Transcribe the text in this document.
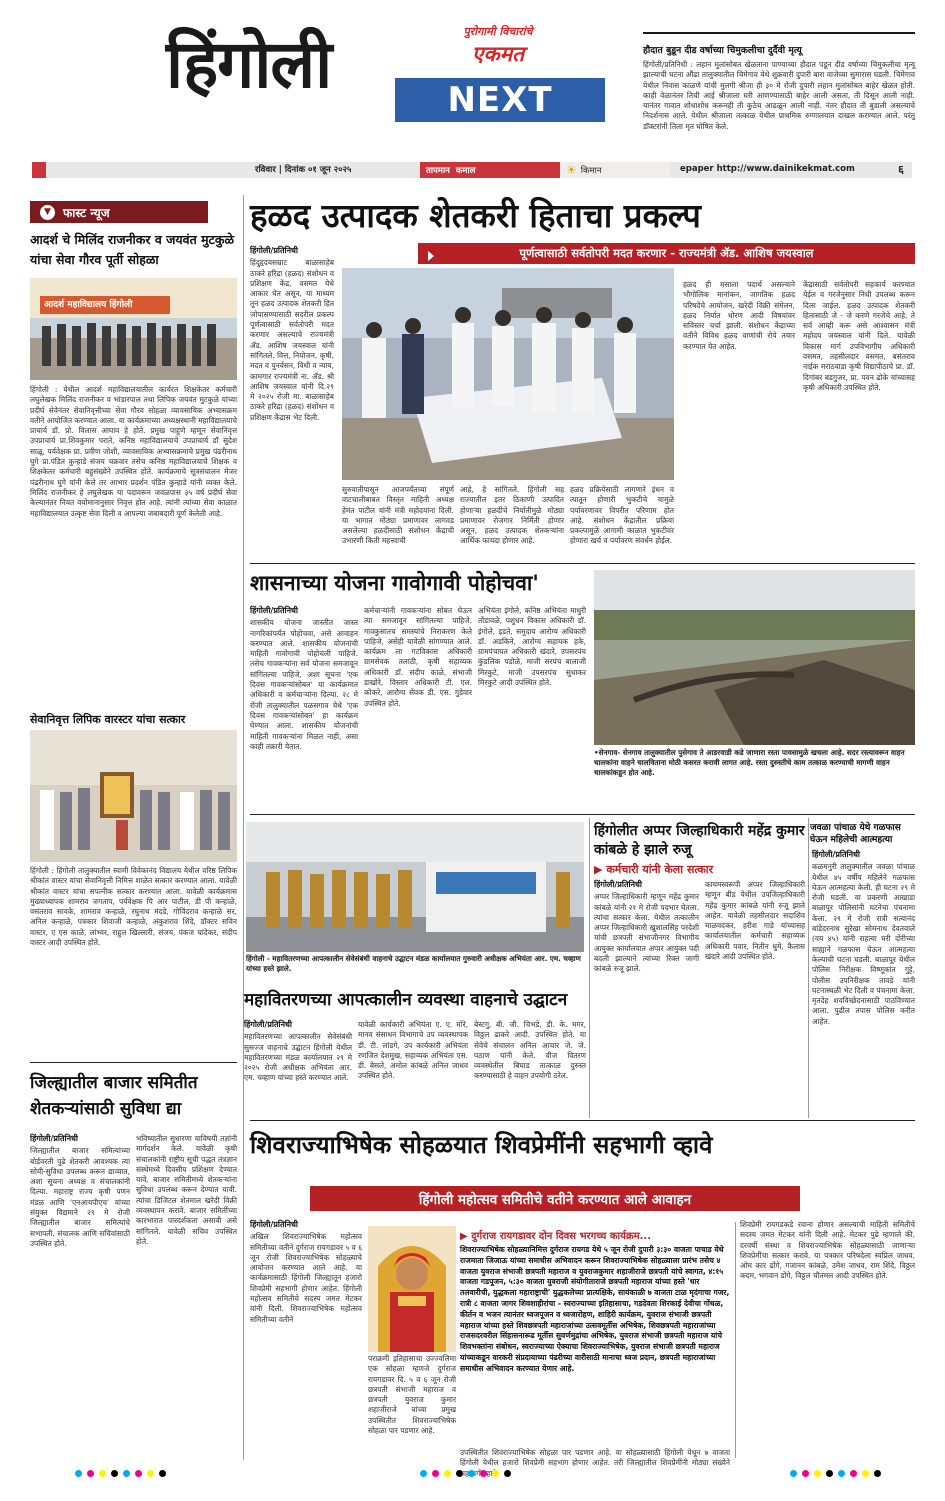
हिंगोली	पुरोगामी विचारांचे
एकमत
NEXT
हौदात बुडून दीड वर्षाच्या चिमुकलीचा दुर्दैवी मृत्यू
हिंगोली/प्रतिनिधी : लहान मुलांसोबत खेळताना पाण्याच्या हौदात पडून दीड वर्षाच्या चिमुकलीचा मृत्यू झाल्याची घटना औंढा तालुक्यातील चिमेगाव येथे शुक्रवारी दुपारी बारा वाजेच्या सुमारास घडली. चिमेगाव येथील निवास काळणे यांची मुलगी श्रीजा ही ३० मे रोजी दुपारी लहान मुलांसोबत बाहेर खेळत होती. काही वेळानंतर तिची आई श्रीजाला घरी आणण्यासाठी बाहेर आली असता, ती दिसून आली नाही. यानंतर गावात शोधाशोध करूनही ती कुठेच आढळून आली नाही. नंतर हौदात ती बुडाली असल्याचे निदर्शनास आले. येथील श्रीजाला तत्काळ येथील प्राथमिक रुग्णालयात दाखल करण्यात आले. परंतु डॉक्टरांनी तिला मृत घोषित केले.
रविवार | दिनांक ०१ जून २०२५	तापमान कमाल	☀ किमान	epaper http://www.dainikekmat.com	६
▼	फास्ट न्यूज
आदर्श चे मिलिंद राजनीकर व जयवंत मुटकुळे यांचा सेवा गौरव पूर्ती सोहळा
आदर्श महाविद्यालय हिंगोली
हिंगोली : येथील आदर्श महाविद्यालयातील कार्यरत शिक्षकेतर कर्मचारी लघुलेखक मिलिंद राजनीकर व भांडारपाल तथा लिपिक जयवंत मुटकुळे यांच्या प्रदीर्घ सेवेनंतर सेवानिवृत्तीच्या सेवा गौरव सोहळा व्यावसायिक अभ्यासक्रम वतीने आयोजित करण्यात आला. या कार्यक्रमाच्या अध्यक्षस्थानी महाविद्यालयाचे प्राचार्य डॉ. प्रो. विलास आघाव हे होते. प्रमुख पाहुणे म्हणून सेवानिवृत्त उपप्राचार्य प्रा.शिवकुमार पराते, कनिष्ठ महाविद्यालयाचे उपप्राचार्य डॉ सुदेश साळू, पर्यवेक्षक प्रा. प्रवीण जोशी, व्यावसायिक अभ्यासक्रमाचे प्रमुख पंढरीनाथ घुगे प्रा.पंडित कुन्हाडे संजय चक्रवार तसेच कनिष्ठ महाविद्यालयाचे शिक्षक व शिक्षकेतर कर्मचारी बहुसंख्येने उपस्थित होते. कार्यक्रमाचे सूत्रसंचालन मेजर पंढरीनाथ घुगे यांनी केले तर आभार प्रदर्शन पंडित कुन्हाडे यांनी व्यक्त केले. मिलिंद राजनीकर हे लघुलेखक या पदावरून जवळपास ३५ वर्ष प्रदीर्घ सेवा केल्यानंतर नियत वयोमानानुसार निवृत्त होत आहे. त्यांनी त्यांच्या सेवा काळात महाविद्यालयात उत्कृष्ट सेवा दिली व आपल्या जबाबदारी पूर्ण केलेली आहे.
सेवानिवृत्त लिपिक वारस्टर यांचा सत्कार
हिंगोली : हिंगोली तालुक्यातील स्वामी विवेकानंद विद्यालय येथील वरिष्ठ लिपिक श्रीकांत वास्टर यांचा सेवानिवृत्ती निमित्त शाळेत सत्कार करण्यात आला. यावेळी श्रीकांत वास्टर यांचा सपत्नीक सत्कार करण्यात आला. यावेळी कार्यक्रमास मुख्याध्यापक शामराव जगताप, पर्यवेक्षक पि आर पाटील, डी पी कन्हाळे, वसंतराव सावके, शामराव कन्हाळे, रघुनाथ मंदडे, गोविंदराव कन्हाळे सर, अनिल कन्हाळे, पत्रकार शिवाजी कन्हाळे, अंकुशराव शिंदे, डॉक्टर सविन वास्टर, ए एस काळे, लांभ्यर, राहुल खिल्लारी, संजय, पंकज चांदेकर, संदीप वास्टर आदी उपस्थित होते.
हळद उत्पादक शेतकरी हिताचा प्रकल्प
पूर्णत्वासाठी सर्वतोपरी मदत करणार - राज्यमंत्री ॲड. आशिष जयस्वाल
हिंगोली/प्रतिनिधी
हिंदुहृदयसम्राट बाळासाहेब ठाकरे हरिद्रा (हळद) संशोधन व प्रशिक्षण केंद्र, वसमत येथे आकार घेत असून, या माध्यम तून हळद उत्पादक शेतकरी हित जोपासण्यासाठी सदरील प्रकल्प पूर्णत्वासाठी सर्वतोपरी मदत करणार असल्याचे राज्यमंत्री ॲड. आशिष जयस्वाल यांनी सांगितले. वित्त, नियोजन, कृषी, मदत व पुनर्वसन, विधी व न्याय, कामगार राज्यमंत्री ना. ॲड. श्री आशिष जयस्वाल यांनी दि.२९ मे २०२५ रोजी मा. बाळासाहेब ठाकरे हरिद्रा (हळद) संशोधन व प्रशिक्षण केंद्रास भेट दिली.
सुरुवातीपासून आजपर्यंतच्या संपूर्ण वाटचालीबाबत विस्तृत माहिती अध्यक्ष हेमंत पाटील यांनी मंत्री महोदयांना दिली. या भागात मोठ्या प्रमाणावर लागवड असलेल्या हळदीसाठी संशोधन केंद्राची उभारणी किती महत्त्वाची
आहे, हे सांगितले. हिंगोली सह राज्यातील इतर ठिकाणी उत्पादित होणाऱ्या हळदीचे निर्यातीमुळे मोठ्या प्रमाणावर रोजगार निर्मिती होणार असून, हळद उत्पादक शेतकऱ्यांना आर्थिक फायदा होणार आहे.
हळद प्रक्रियेसाठी लागणारे इंधन व त्यातून होणारी भुकटीचे यामुळे पर्यावरणावर विपरीत परिणाम होत आहे. संशोधन केंद्रातील प्रक्रिया प्रकल्पामुळे आगामी काळात भुकटीवर होणारा खर्च व पर्यावरण संवर्धन होईल.
हळद ही मसाला पदार्थ असल्याने भौगोलिक मानांकन, जागतिक हळद परिषदेचे आयोजन, खरेदी विक्री संमेलन, हळद निर्यात धोरण आदी विषयांवर सविस्तर चर्चा झाली. संशोधन केंद्राच्या वतीने विविध हळद वाणांची रोपे तयार करण्यात येत आहेत.
केंद्रासाठी सर्वतोपरी सहकार्य करण्यात येईल व गरजेनुसार निधी उपलब्ध करून दिला जाईल. हळद उत्पादक शेतकरी हितासाठी जे - जे करणे गरजेचे आहे, ते सर्व आम्ही करू असे आश्वासन मंत्री महोदय जयस्वाल यांनी दिले. यावेळी विकास मार्ग उपविभागीय अधिकारी वसमत, तहसीलदार वसमत, बसंतराव नाईक मराठवाडा कृषी विद्यापीठाचे प्रा. डॉ. दिगांबर बडगुजर, प्रा. पवन ढोके यांच्यासह कृषी अधिकारी उपस्थित होते.
शासनाच्या योजना गावोगावी पोहोचवा'
हिंगोली/प्रतिनिधी
शासकीय योजना जास्तीत जास्त नागरिकांपर्यंत पोहोचवा, असे आवाहन करण्यात आले. शासकीय योजनांची माहिती गावोगावी पोहोचली पाहिजे. तसेच गावकऱ्यांना सर्व योजना समजावून सांगितल्या पाहिजे, अशा सूचना 'एक दिवस गावकऱ्यांसोबत' या कार्यक्रमात अधिकारी व कर्मचाऱ्यांना दिल्या. २८ मे रोजी तालुक्यातील पळसगाव येथे 'एक दिवस गावकऱ्यांसोबत' हा कार्यक्रम घेण्यात आला. शासकीय योजनांची माहिती गावकऱ्यांना मिळत नाही, असा काही तक्रारी येतात.
कर्मचाऱ्यांनी गावकऱ्यांना सोबत घेऊन त्या समजावून सांगितल्या पाहिजे. गावकुसातच समस्यांचे निराकरण केले पाहिजे, असेही यावेळी सांगण्यात आले. कार्यक्रम ला गटविकास अधिकारी ग्रामसेवक तलाठी, कृषी सहाय्यक अधिकारी डॉ. संदीप काळे, संभाजी डाखोरे, विस्तार अधिकारी टी. एल. कोकरे, आरोग्य सेवक डी. एस. गुडेवार उपस्थित होते.
अभियंता इंगोले, कनिष्ठ अभियंता माधुरी तोंडावळे, पशुधन विकास अधिकारी डॉ. इंगोले, इडते, समुदाय आरोग्य अधिकारी डॉ. अडकिने, आरोग्य सहायक हके, ग्रामपंचायत अधिकारी खंदारे, उपसरपंच कुंडलिक पडोळे, माजी सरपंच बालाजी मिरकुटे, माजी उपसरपंच सुधाकर मिरकुटे आदी उपस्थित होते.
•सेनगाव- सेनगाव तालुक्यातील पुसेगाव ते आडरवाडी कडे जाणारा रस्ता पावसामुळे खचला आहे. सदर रस्त्यावरून वाहन चालकांना वाहने चालविताना मोठी कसरत करावी लागत आहे. रस्ता दुरुस्तीचे काम तत्काळ करण्याची मागणी वाहन चालकांकडून होत आहे.
हिंगोली - महावितरणच्या आपत्कालीन सेवेसंबंधी वाहनाचे उद्घाटन मंडळ कार्यालयात गुरुवारी अधीक्षक अभियंता आर. एम. चव्हाण यांच्या हस्ते झाले.
महावितरणच्या आपत्कालीन व्यवस्था वाहनाचे उद्घाटन
हिंगोली/प्रतिनिधी
महावितरणच्या आपत्कालीन सेवेसंबंधी सुसज्ज वाहनाचे उद्घाटन हिंगोली येथील महावितरणच्या मंडळ कार्यालयात २९ मे २०२५ रोजी अधीक्षक अभियंता आर. एम. चव्हाण यांच्या हस्ते करण्यात आले.
यावेळी कार्यकारी अभियंता ए. ए. मोरे, मानव संसाधन विभागाचे उप व्यवस्थापक डी. टी. लांडगे, उप कार्यकारी अभियंता रणजित देशमुख, सहाय्यक अभियंता एस. डी. बेसले, अमोल कांबळे अनिल जाधव उपस्थित होते.
बेस्टगु, बी. जी. चिभडे, डी. के. मगर, विठ्ठल ढाकरे आदी. उपस्थित होते. या सेवेचे संचालन अनिल आचार जे. जे. पठाण यांनी केले. वीज वितरण व्यवस्थेतील बिघाड तात्काळ दुरुस्त करण्यासाठी हे वाहन उपयोगी ठरेल.
हिंगोलीत अप्पर जिल्हाधिकारी महेंद्र कुमार कांबळे हे झाले रुजू
▶ कर्मचारी यांनी केला सत्कार
हिंगोली/प्रतिनिधी
अप्पर जिल्हाधिकारी म्हणून महेंद्र कुमार कांबळे यांनी २१ मे रोजी पदभार घेतला. त्यांचा सत्कार केला. येथील तत्कालीन अप्पर जिल्हाधिकारी खुशालसिंह परदेशी यांची छत्रपती संभाजीनगर विभागीय आयुक्त कार्यालयात अप्पर आयुक्त पदी बदली झाल्याने त्यांच्या रिक्त जागी कांबळे रुजू झाले.
कायमस्वरूपी अप्पर जिल्हाधिकारी म्हणून बीड येथील उपजिल्हाधिकारी महेंद्र कुमार कांबळे यांनी रुजू झाले आहेत. यावेळी तहसीलदार सदाशिव माळवदकर, हरीश गाडे यांच्यासह कार्यालयातील कर्मचारी सहाय्यक अधिकारी पवार, नितीन धुमे, कैलास खंदारे आदी उपस्थित होते.
जवळा पांचाळ येथे गळफास घेऊन महिलेची आत्महत्या
हिंगोली/प्रतिनिधी
कळमनुरी तालुक्यातील जवळा पांचाळ येथील ४५ वर्षीय महिलेने गळफास घेऊन आत्महत्या केली. ही घटना २९ मे रोजी घडली. या प्रकरणी आखाडा बाळापूर पोलिसांनी घटनेचा पंचनामा केला. २९ मे रोजी रात्री सत्यानंद बांडेदरनाथ सुरेखा सोमनाथ देवतवाले (वय ४५) यांनी राहत्या घरी दोरीच्या साह्याने गळफास घेऊन आत्महत्या केल्याची घटना घडली. बाळापूर येथील पोलिस निरीक्षक विष्णूकांत गुट्टे, पोलीस उपनिरीक्षक तावडे यांनी घटनास्थळी भेट दिली व पंचनामा केला. मृतदेह शवविच्छेदनासाठी पाठविण्यात आला. पुढील तपास पोलिस करीत आहेत.
जिल्ह्यातील बाजार समितीत शेतकऱ्यांसाठी सुविधा द्या
हिंगोली/प्रतिनिधी
जिल्ह्यातील बाजार समित्यांच्या बोर्डवरती पुढे शेतकरी आवश्यक त्या सोयी-सुविधा उपलब्ध करून द्याव्यात, अशा सूचना अध्यक्ष व संचालकांनी दिल्या. महाराष्ट्र राज्य कृषी पणन मंडळ आणि 'एनआयपीएच' यांच्या संयुक्त विद्यमाने २९ मे रोजी जिल्ह्यातील बाजार समित्यांचे सभापती, संचालक आणि सचिवांसाठी उपस्थित होते.
भविष्यातील सुधारणा याविषयी तज्ञांनी मार्गदर्शन केले. यावेळी कृषी संचालकांनी राष्ट्रीय सूची पद्धत तंत्रज्ञान संस्थेमध्ये दिवसीय प्रशिक्षण देण्यात यावे, बाजार समितीमध्ये शेतकऱ्यांना सुविधा उपलब्ध करून देण्यात यावी. त्यांचा डिजिटल शेतमाल खरेदी विक्री व्यवस्थापन करावे. बाजार समितींच्या कारभारात पारदर्शकता असावी असे सांगितले. यावेळी सचिव उपस्थित होते.
शिवराज्याभिषेक सोहळयात शिवप्रेमींनी सहभागी व्हावे
हिंगोली महोत्सव समितीचे वतीने करण्यात आले आवाहन
हिंगोली/प्रतिनिधी
अखिल शिवराज्याभिषेक महोत्सव समितीच्या वतीने दुर्गराज रायगडावर ५ व ६ जून रोजी शिवराज्याभिषेक सोहळ्याचे आयोजन करण्यात आले आहे. या कार्यक्रमासाठी हिंगोली जिल्ह्यातून हजारो शिवप्रेमी सहभागी होणार आहेत. हिंगोली महोत्सव समितीचे सदस्य जमत मेटकर यांनी दिली. शिवराज्याभिषेक महोत्सव समितीच्या वतीने
पराक्रमी इतिहासाचा उज्ज्वलिमा एक सोहळा म्हणजे दुर्गराज रायगडावर दि. ५ व ६ जून रोजी छत्रपती संभाजी महाराज व छत्रपती युवराज कुमार शहाजीराजे यांच्या प्रमुख उपस्थितीत शिवराज्याभिषेक सोहळा पार पडणार आहे.
▶ दुर्गराज रायगडावर दोन दिवस भरगच्च कार्यक्रम...
शिवराज्याभिषेक सोहळ्यानिमित्त दुर्गराज रायगड येथे ५ जून रोजी दुपारी ३:३० वाजता पाचाड येथे राजमाता जिजाऊ यांच्या समाधीस अभिवादन करून शिवराज्याभिषेक सोहळ्याला प्रारंभ तसेच ४ वाजता युवराज संभाजी छत्रपती महाराज व युवराजकुमार शहाजीराजे छत्रपती यांचे स्वागत, ४:१५ वाजता गडपूजन, ५:३० वाजता युवराजी संयोगीताराजे छत्रपती महाराज यांच्या हस्ते 'धार तलवारीची, युद्धकला महाराष्ट्राची' युद्धकलेच्या प्रात्यक्षिके, सायंकाळी ७ वाजता टाळ मृदंगाचा गजर, रात्री ८ वाजता जागर शिवशाहीरांचा - स्वराज्याच्या इतिहासाचा, गडदेवता शिरकाई देवीचा गोंधळ, कीर्तन व भजन त्यानंतर ध्वजपूजन व ध्वजारोहण, शाहिरी कार्यक्रम, युवराज संभाजी छत्रपती महाराज यांच्या हस्ते शिवछत्रपती महाराजांच्या उत्सवमूर्तीस अभिषेक, शिवछत्रपती महाराजांच्या राजसदरवरील सिंहासनारूढ मूर्तीस सुवर्णमुद्रांचा अभिषेक, युवराज संभाजी छत्रपती महाराज यांचे शिवभक्तांना संबोधन, स्वराज्याच्या ऐक्याचा शिवराज्याभिषेक, युवराज संभाजी छत्रपती महाराज यांच्याकडून वारकरी संप्रदायाच्या पंढरीच्या वारीसाठी मानाचा ध्वज प्रदान, छत्रपती महाराजांच्या समाधीस अभिवादन करण्यात येणार आहे.
उपस्थितीत शिवराज्याभिषेक सोहळा पार पडणार आहे. या सोहळ्यासाठी हिंगोली येथून ७ वाजता हिंगोली येथील हजारो शिवप्रेमी सहभाग होणार आहेत. तरी जिल्ह्यातील शिवप्रेमींनी मोठ्या संख्येने
शिवप्रेमी रायगडकडे रवाना होणार असल्याची माहिती समितीचे सदस्य जमत मेटकर यांनी दिली आहे. मेटकर पुढे म्हणाले की, दरवर्षी संस्था व शिवराज्याभिषेक सोहळ्यासाठी जाणाऱ्या शिवप्रेमींचा सत्कार करावे. या पत्रकार परिषदेला स्वप्निल जाधव, ओम कार ढोंगे, गजानन कांबळे, उमेश जाधव, राम शिंदे, विठ्ठल कदम, भगवान डोंगे, विठ्ठल चौतमल आदी उपस्थित होते.
